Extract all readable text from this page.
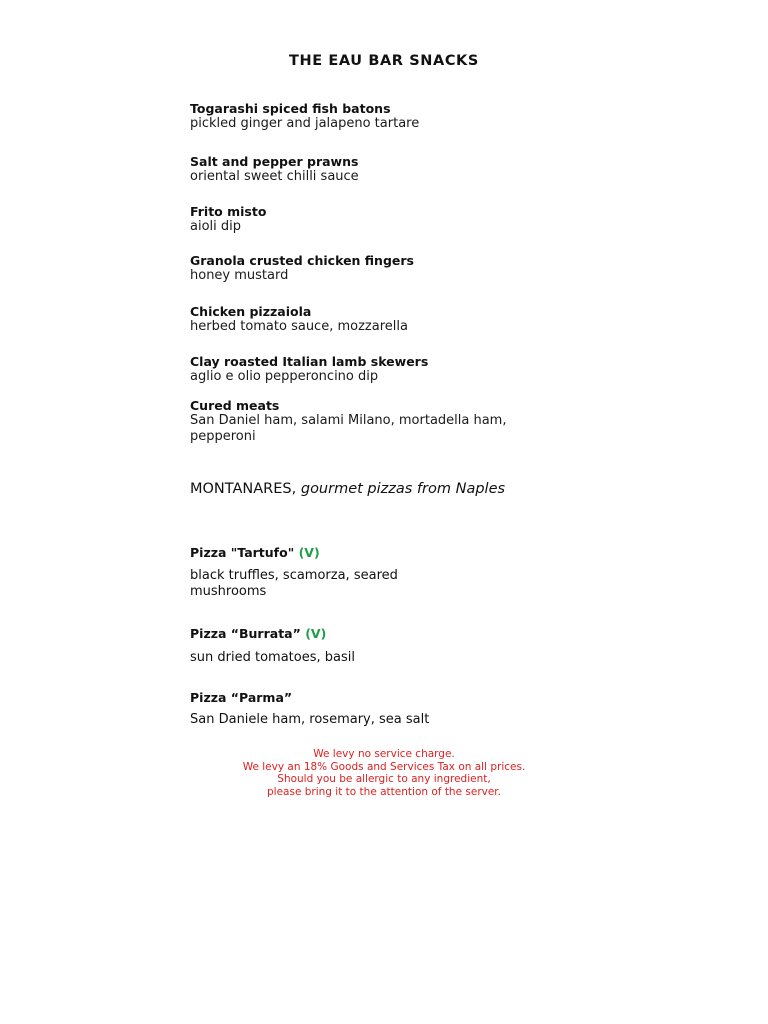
THE EAU BAR SNACKS
Togarashi spiced fish batons
pickled ginger and jalapeno tartare
Salt and pepper prawns
oriental sweet chilli sauce
Frito misto
aioli dip
Granola crusted chicken fingers
honey mustard
Chicken pizzaiola
herbed tomato sauce, mozzarella
Clay roasted Italian lamb skewers
aglio e olio pepperoncino dip
Cured meats
San Daniel ham, salami Milano, mortadella ham, pepperoni
MONTANARES, gourmet pizzas from Naples
Pizza "Tartufo" (V)
black truffles, scamorza, seared mushrooms
Pizza “Burrata” (V)
sun dried tomatoes, basil
Pizza “Parma”
San Daniele ham, rosemary, sea salt
We levy no service charge.
We levy an 18% Goods and Services Tax on all prices.
Should you be allergic to any ingredient,
please bring it to the attention of the server.
